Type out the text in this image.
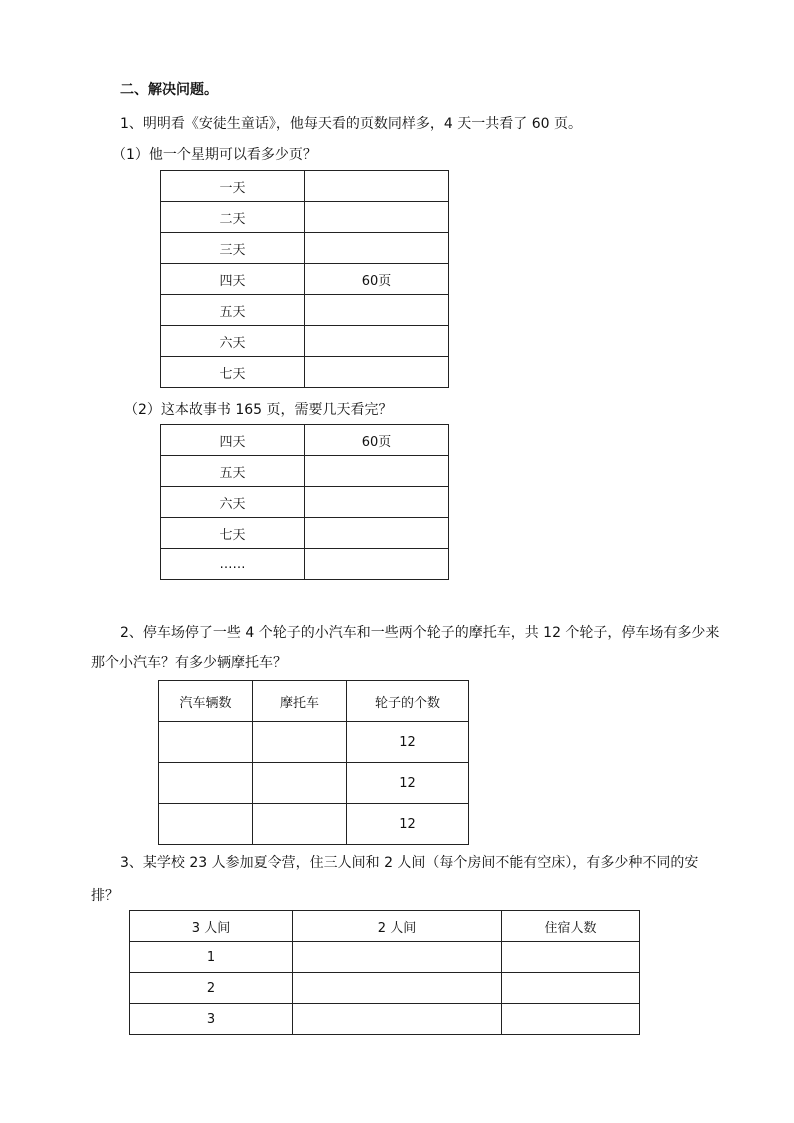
二、解决问题。
1、明明看《安徒生童话》，他每天看的页数同样多，4 天一共看了 60 页。
（1）他一个星期可以看多少页？
一天	
二天	
三天	
四天	60页
五天	
六天	
七天	
（2）这本故事书 165 页，需要几天看完？
四天	60页
五天	
六天	
七天	
……	
2、停车场停了一些 4 个轮子的小汽车和一些两个轮子的摩托车，共 12 个轮子，停车场有多少来
那个小汽车？有多少辆摩托车？
汽车辆数	摩托车	轮子的个数
		12
		12
		12
3、某学校 23 人参加夏令营，住三人间和 2 人间（每个房间不能有空床），有多少种不同的安
排？
3 人间	2 人间	住宿人数
1		
2		
3		
